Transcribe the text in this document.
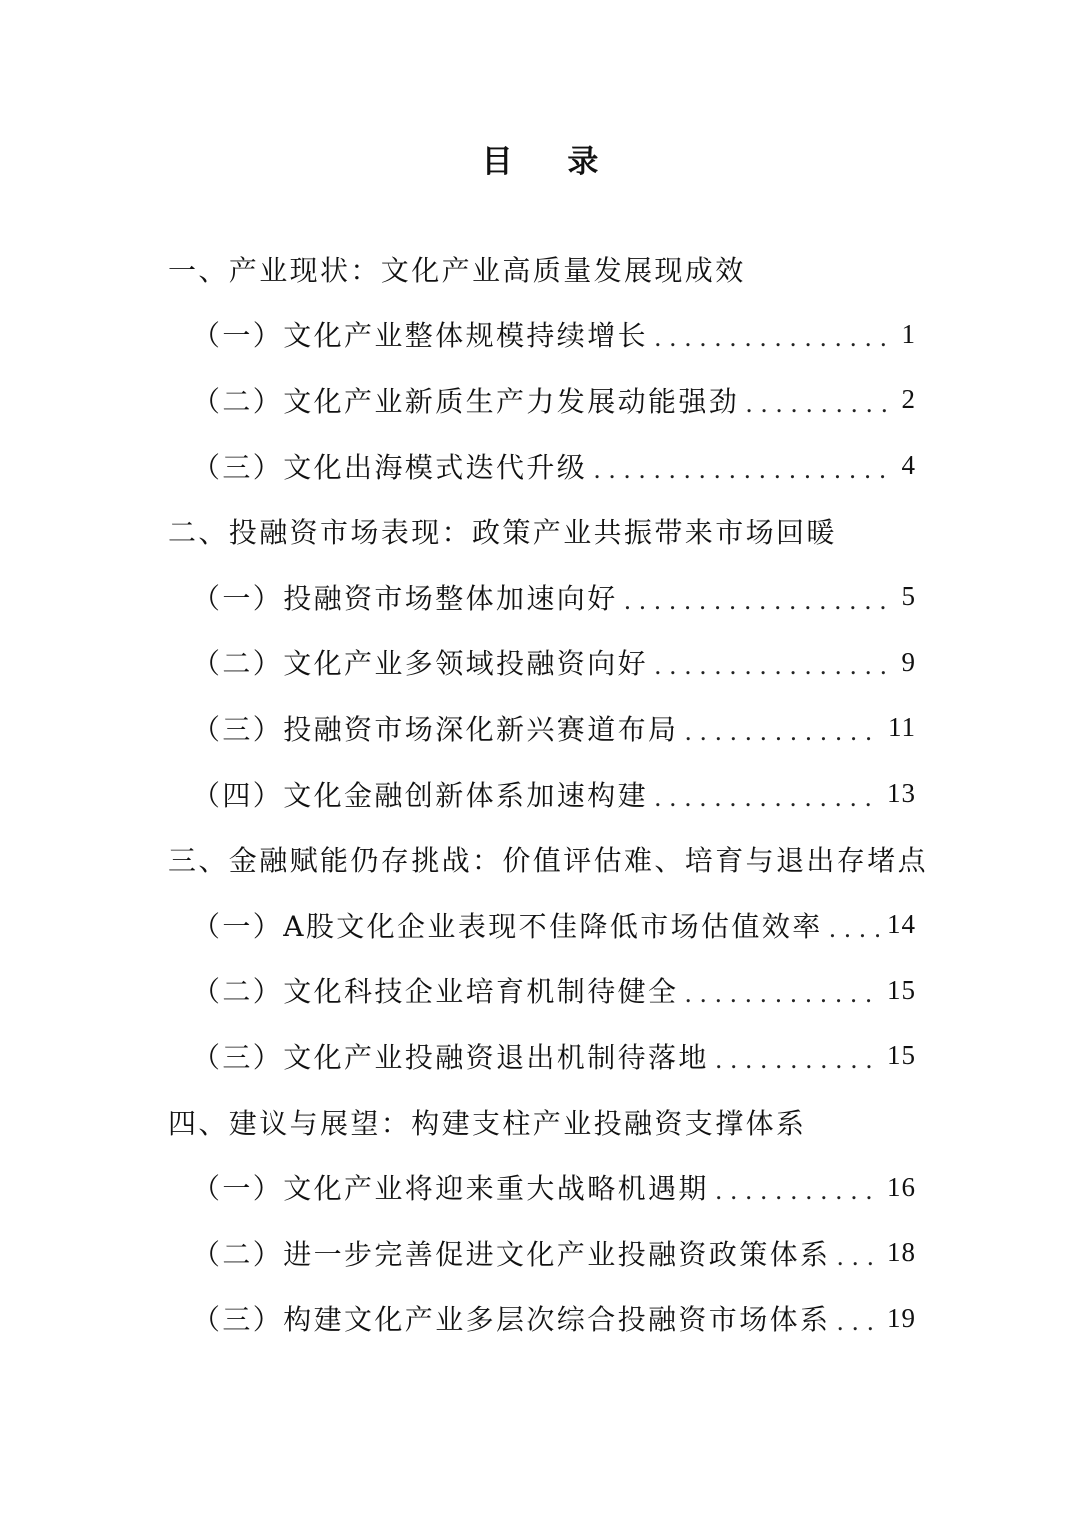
目 录
一、产业现状：文化产业高质量发展现成效
（一）文化产业整体规模持续增长 .....	1
（二）文化产业新质生产力发展动能强劲 .....	2
（三）文化出海模式迭代升级 .....	4
二、投融资市场表现：政策产业共振带来市场回暖
（一）投融资市场整体加速向好 .....	5
（二）文化产业多领域投融资向好 .....	9
（三）投融资市场深化新兴赛道布局 .....	11
（四）文化金融创新体系加速构建 .....	13
三、金融赋能仍存挑战：价值评估难、培育与退出存堵点
（一）A股文化企业表现不佳降低市场估值效率 ..... 14
（二）文化科技企业培育机制待健全 .....	15
（三）文化产业投融资退出机制待落地 .....	15
四、建议与展望：构建支柱产业投融资支撑体系
（一）文化产业将迎来重大战略机遇期 .....	16
（二）进一步完善促进文化产业投融资政策体系 ..... 18
（三）构建文化产业多层次综合投融资市场体系 ..... 19
